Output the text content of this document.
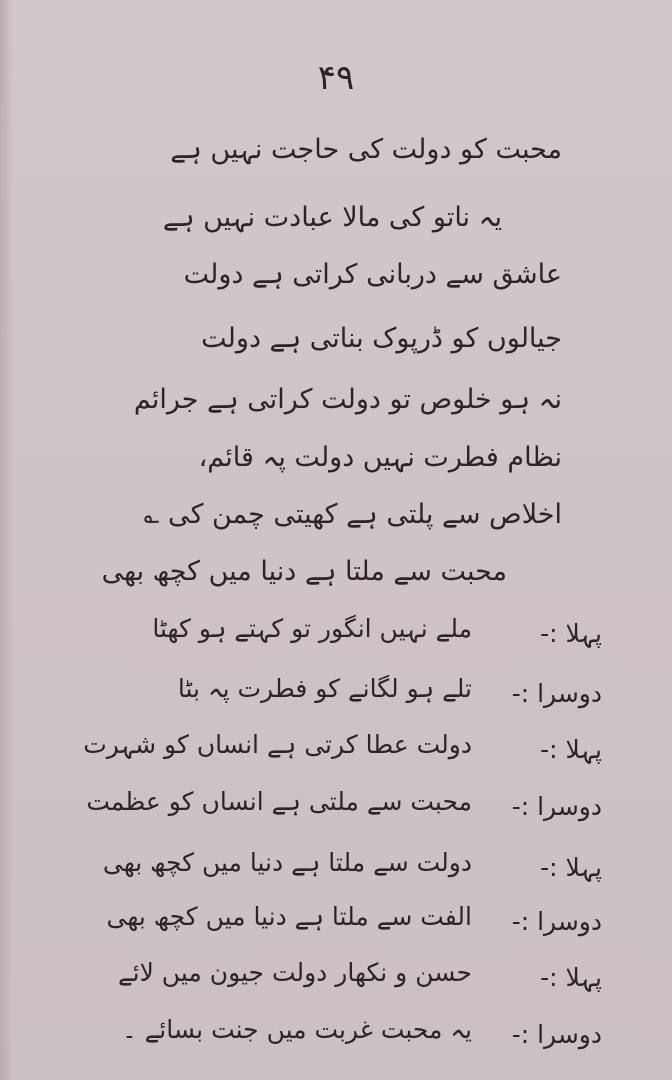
۴۹
محبت کو دولت کی حاجت نہیں ہے
یہ ناتو کی مالا عبادت نہیں ہے
عاشق سے دربانی کراتی ہے دولت
جیالوں کو ڈرپوک بناتی ہے دولت
نہ ہو خلوص تو دولت کراتی ہے جرائم
نظام فطرت نہیں دولت پہ قائم،
اخلاص سے پلتی ہے کھیتی چمن کی ؎
محبت سے ملتا ہے دنیا میں کچھ بھی
پہلا :-
ملے نہیں انگور تو کہتے ہو کھٹا
دوسرا :-
تلے ہو لگانے کو فطرت پہ بٹا
پہلا :-
دولت عطا کرتی ہے انساں کو شہرت
دوسرا :-
محبت سے ملتی ہے انساں کو عظمت
پہلا :-
دولت سے ملتا ہے دنیا میں کچھ بھی
دوسرا :-
الفت سے ملتا ہے دنیا میں کچھ بھی
پہلا :-
حسن و نکھار دولت جیون میں لائے
دوسرا :-
یہ محبت غربت میں جنت بسائے ۔
